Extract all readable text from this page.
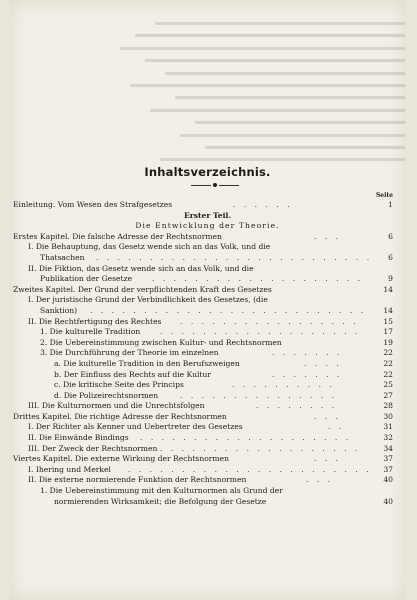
Inhaltsverzeichnis.
Seite
Einleitung. Vom Wesen des Strafgesetzes	. . . . . .	1
Erster Teil.
Die Entwicklung der Theorie.
Erstes Kapitel. Die falsche Adresse der Rechtsnormen	. . .	6
I. Die Behauptung, das Gesetz wende sich an das Volk, und die
Thatsachen . . . . . . . . . . . . . . . . . . . . . . . . . .	6
II. Die Fiktion, das Gesetz wende sich an das Volk, und die
Publikation der Gesetze	. . . . . . . . . . . . . . . . . . . .	9
Zweites Kapitel. Der Grund der verpflichtenden Kraft des Gesetzes	14
I. Der juristische Grund der Verbindlichkeit des Gesetzes, (die
Sanktion) . . . . . . . . . . . . . . . . . . . . . . . . . .	14
II. Die Rechtfertigung des Rechtes . . . . . . . . . . . . . . . . .	15
1. Die kulturelle Tradition	. . . . . . . . . . . . . . . . . . .	17
2. Die Uebereinstimmung zwischen Kultur- und Rechtsnormen	19
3. Die Durchführung der Theorie im einzelnen	. . . . . . .	22
a. Die kulturelle Tradition in den Berufszweigen	. . . .	22
b. Der Einfluss des Rechts auf die Kultur	. . . . . . .	22
c. Die kritische Seite des Princips	. . . . . . . . . .	25
d. Die Polizeirechtsnormen	. . . . . . . . . . . . . . .	27
III. Die Kulturnormen und die Unrechtsfolgen	. . . . . . . .	28
Drittes Kapitel. Die richtige Adresse der Rechtsnormen	. . .	30
I. Der Richter als Kenner und Uebertreter des Gesetzes	. .	31
II. Die Einwände Bindings . . . . . . . . . . . . . . . . . . . .	32
III. Der Zweck der Rechtsnormen . . . . . . . . . . . . . . . . . . .	34
Viertes Kapitel. Die externe Wirkung der Rechtsnormen	. . .	37
I. Ihering und Merkel . . . . . . . . . . . . . . . . . . . . . . .	37
II. Die externe normierende Funktion der Rechtsnormen	. . .	40
1. Die Uebereinstimmung mit den Kulturnormen als Grund der
normierenden Wirksamkeit; die Befolgung der Gesetze	40
